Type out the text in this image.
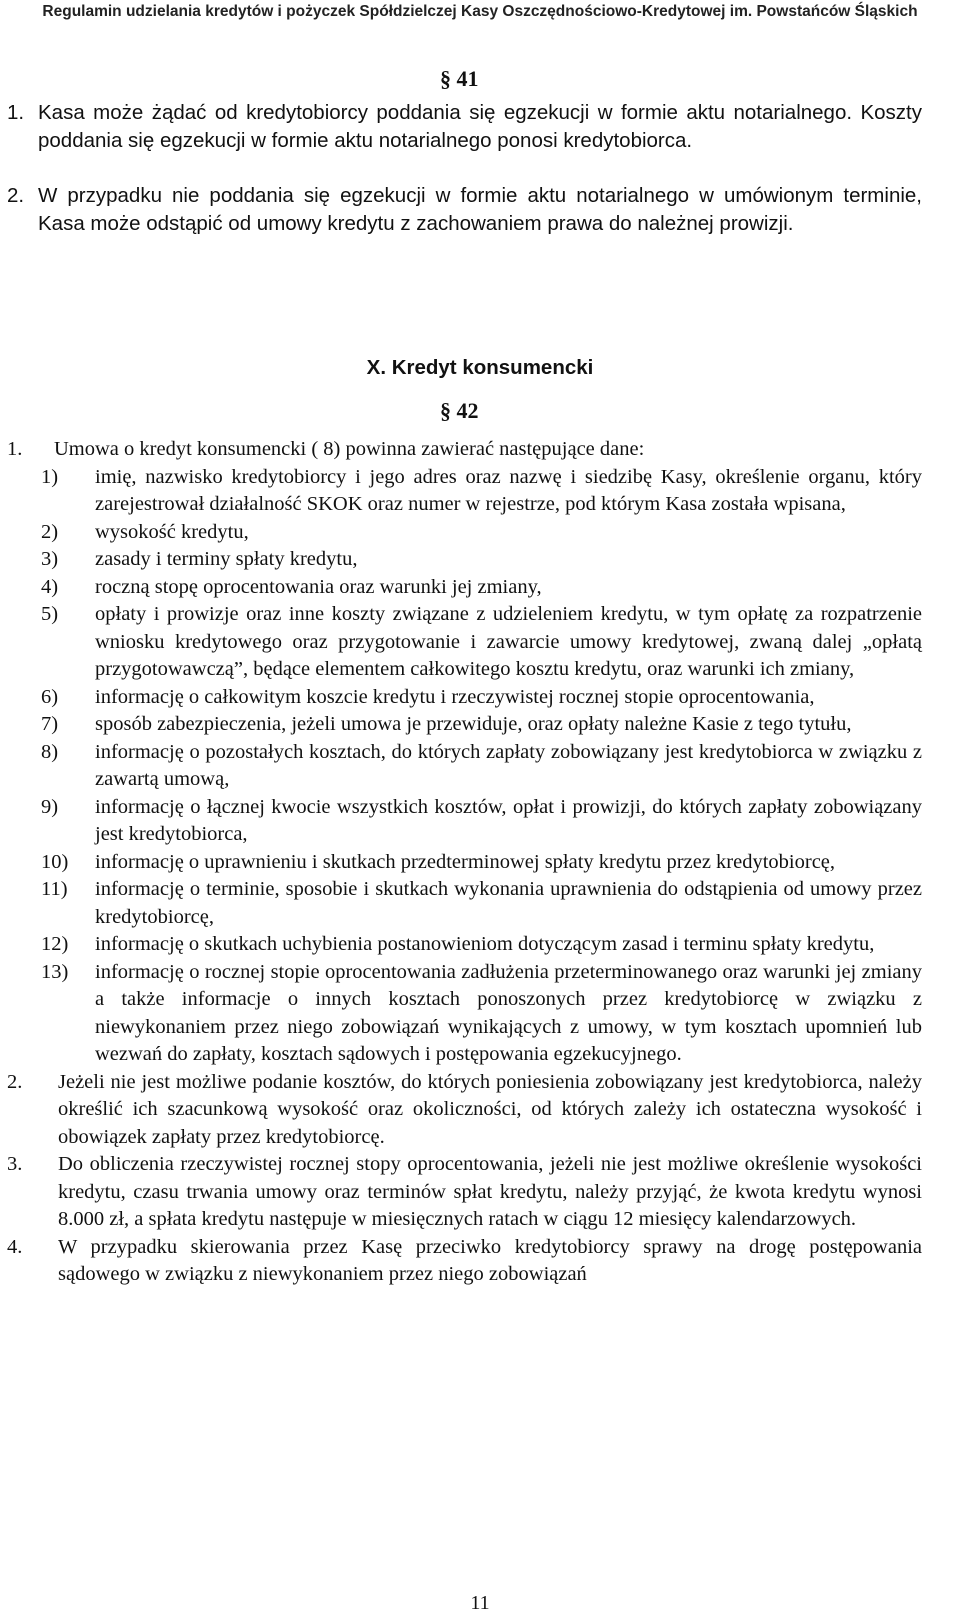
Regulamin udzielania kredytów i pożyczek Spółdzielczej Kasy Oszczędnościowo-Kredytowej im. Powstańców Śląskich
§ 41
1. Kasa może żądać od kredytobiorcy poddania się egzekucji w formie aktu notarialnego. Koszty poddania się egzekucji w formie aktu notarialnego ponosi kredytobiorca.
2. W przypadku nie poddania się egzekucji w formie aktu notarialnego w umówionym terminie, Kasa może odstąpić od umowy kredytu z zachowaniem prawa do należnej prowizji.
X. Kredyt konsumencki
§ 42
1. Umowa o kredyt konsumencki ( 8) powinna zawierać następujące dane:
1) imię, nazwisko kredytobiorcy i jego adres oraz nazwę i siedzibę Kasy, określenie organu, który zarejestrował działalność SKOK oraz numer w rejestrze, pod którym Kasa została wpisana,
2) wysokość kredytu,
3) zasady i terminy spłaty kredytu,
4) roczną stopę oprocentowania oraz warunki jej zmiany,
5) opłaty i prowizje oraz inne koszty związane z udzieleniem kredytu, w tym opłatę za rozpatrzenie wniosku kredytowego oraz przygotowanie i zawarcie umowy kredytowej, zwaną dalej „opłatą przygotowawczą”, będące elementem całkowitego kosztu kredytu, oraz warunki ich zmiany,
6) informację o całkowitym koszcie kredytu i rzeczywistej rocznej stopie oprocentowania,
7) sposób zabezpieczenia, jeżeli umowa je przewiduje, oraz opłaty należne Kasie z tego tytułu,
8) informację o pozostałych kosztach, do których zapłaty zobowiązany jest kredytobiorca w związku z zawartą umową,
9) informację o łącznej kwocie wszystkich kosztów, opłat i prowizji, do których zapłaty zobowiązany jest kredytobiorca,
10) informację o uprawnieniu i skutkach przedterminowej spłaty kredytu przez kredytobiorcę,
11) informację o terminie, sposobie i skutkach wykonania uprawnienia do odstąpienia od umowy przez kredytobiorcę,
12) informację o skutkach uchybienia postanowieniom dotyczącym zasad i terminu spłaty kredytu,
13) informację o rocznej stopie oprocentowania zadłużenia przeterminowanego oraz warunki jej zmiany a także informacje o innych kosztach ponoszonych przez kredytobiorcę w związku z niewykonaniem przez niego zobowiązań wynikających z umowy, w tym kosztach upomnień lub wezwań do zapłaty, kosztach sądowych i postępowania egzekucyjnego.
2. Jeżeli nie jest możliwe podanie kosztów, do których poniesienia zobowiązany jest kredytobiorca, należy określić ich szacunkową wysokość oraz okoliczności, od których zależy ich ostateczna wysokość i obowiązek zapłaty przez kredytobiorcę.
3. Do obliczenia rzeczywistej rocznej stopy oprocentowania, jeżeli nie jest możliwe określenie wysokości kredytu, czasu trwania umowy oraz terminów spłat kredytu, należy przyjąć, że kwota kredytu wynosi 8.000 zł, a spłata kredytu następuje w miesięcznych ratach w ciągu 12 miesięcy kalendarzowych.
4. W przypadku skierowania przez Kasę przeciwko kredytobiorcy sprawy na drogę postępowania sądowego w związku z niewykonaniem przez niego zobowiązań
11
